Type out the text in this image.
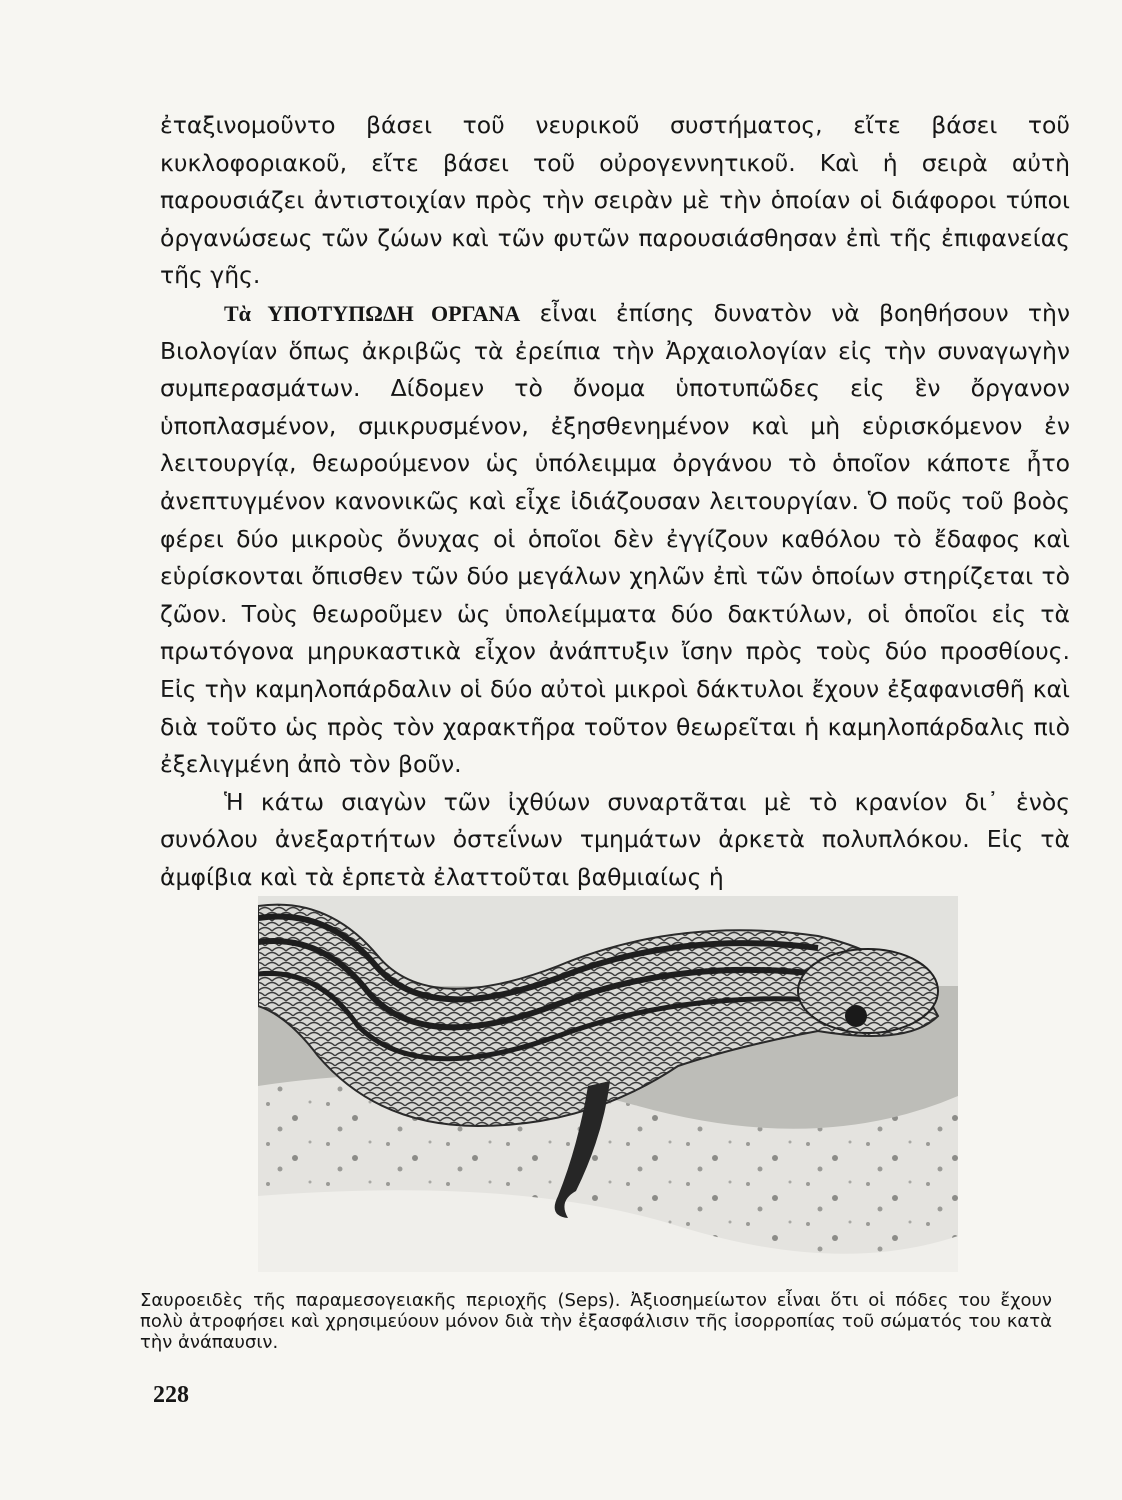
ἐταξινομοῦντο βάσει τοῦ νευρικοῦ συστήματος, εἴτε βάσει τοῦ κυκλοφοριακοῦ, εἴτε βάσει τοῦ οὐρογεννητικοῦ. Καὶ ἡ σειρὰ αὐτὴ παρουσιάζει ἀντιστοιχίαν πρὸς τὴν σειρὰν μὲ τὴν ὁποίαν οἱ διάφοροι τύποι ὀργανώσεως τῶν ζώων καὶ τῶν φυτῶν παρουσιάσθησαν ἐπὶ τῆς ἐπιφανείας τῆς γῆς.

Τὰ ΥΠΟΤΥΠΩΔΗ ΟΡΓΑΝΑ εἶναι ἐπίσης δυνατὸν νὰ βοηθήσουν τὴν Βιολογίαν ὅπως ἀκριβῶς τὰ ἐρείπια τὴν Ἀρχαιολογίαν εἰς τὴν συναγωγὴν συμπερασμάτων. Δίδομεν τὸ ὄνομα ὑποτυπῶδες εἰς ἓν ὄργανον ὑποπλασμένον, σμικρυσμένον, ἐξησθενημένον καὶ μὴ εὑρισκόμενον ἐν λειτουργίᾳ, θεωρούμενον ὡς ὑπόλειμμα ὀργάνου τὸ ὁποῖον κάποτε ἦτο ἀνεπτυγμένον κανονικῶς καὶ εἶχε ἰδιάζουσαν λειτουργίαν. Ὁ ποῦς τοῦ βοὸς φέρει δύο μικροὺς ὄνυχας οἱ ὁποῖοι δὲν ἐγγίζουν καθόλου τὸ ἔδαφος καὶ εὑρίσκονται ὄπισθεν τῶν δύο μεγάλων χηλῶν ἐπὶ τῶν ὁποίων στηρίζεται τὸ ζῶον. Τοὺς θεωροῦμεν ὡς ὑπολείμματα δύο δακτύλων, οἱ ὁποῖοι εἰς τὰ πρωτόγονα μηρυκαστικὰ εἶχον ἀνάπτυξιν ἴσην πρὸς τοὺς δύο προσθίους. Εἰς τὴν καμηλοπάρδαλιν οἱ δύο αὐτοὶ μικροὶ δάκτυλοι ἔχουν ἐξαφανισθῆ καὶ διὰ τοῦτο ὡς πρὸς τὸν χαρακτῆρα τοῦτον θεωρεῖται ἡ καμηλοπάρδαλις πιὸ ἐξελιγμένη ἀπὸ τὸν βοῦν.

Ἡ κάτω σιαγὼν τῶν ἰχθύων συναρτᾶται μὲ τὸ κρανίον δι᾽ ἑνὸς συνόλου ἀνεξαρτήτων ὀστεΐνων τμημάτων ἀρκετὰ πολυπλόκου. Εἰς τὰ ἀμφίβια καὶ τὰ ἑρπετὰ ἐλαττοῦται βαθμιαίως ἡ

Σαυροειδὲς τῆς παραμεσογειακῆς περιοχῆς (Seps). Ἀξιοσημείωτον εἶναι ὅτι οἱ πόδες του ἔχουν πολὺ ἀτροφήσει καὶ χρησιμεύουν μόνον διὰ τὴν ἐξασφάλισιν τῆς ἰσορροπίας τοῦ σώματός του κατὰ τὴν ἀνάπαυσιν.

228
